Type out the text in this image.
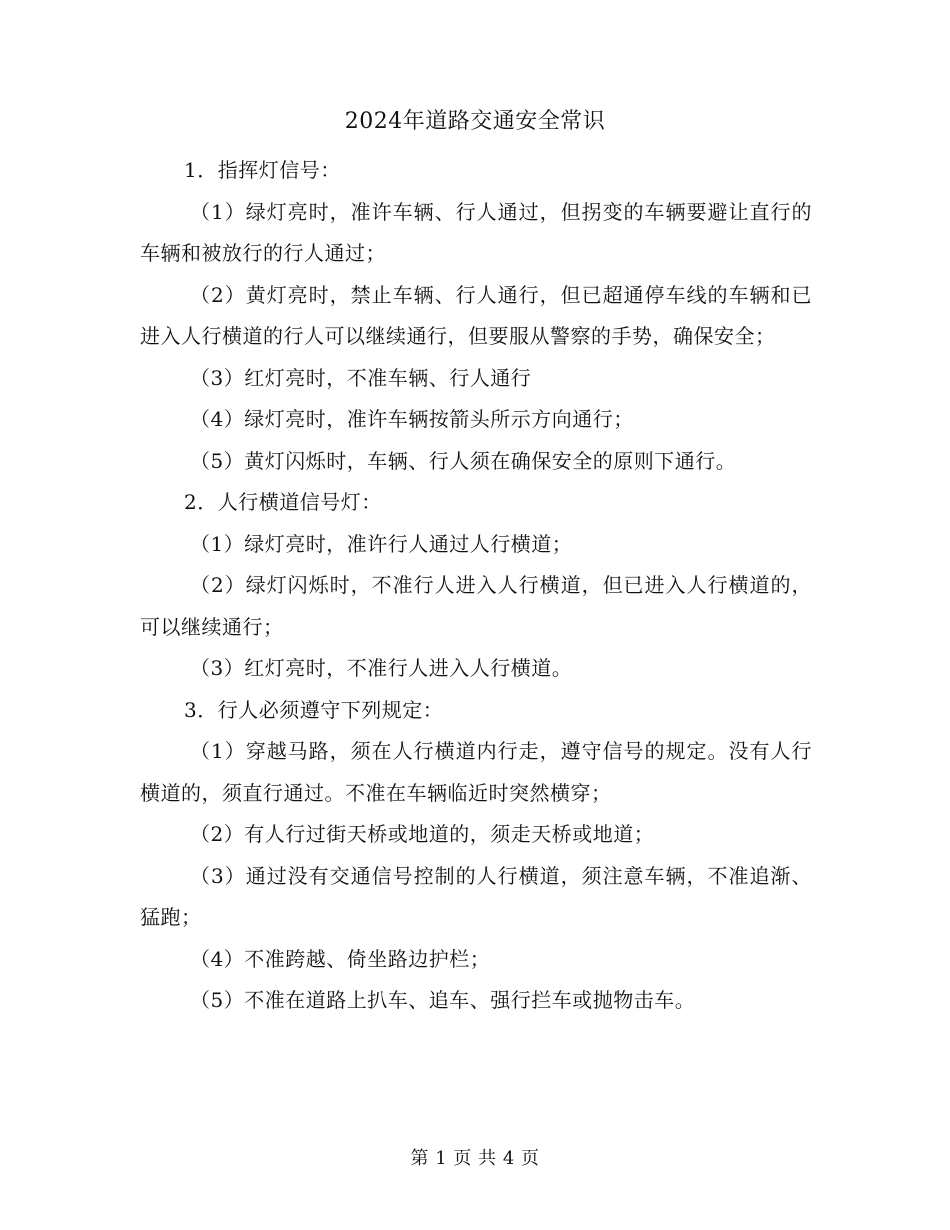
2024年道路交通安全常识

1．指挥灯信号：

（1）绿灯亮时，准许车辆、行人通过，但拐变的车辆要避让直行的车辆和被放行的行人通过；

（2）黄灯亮时，禁止车辆、行人通行，但已超通停车线的车辆和已进入人行横道的行人可以继续通行，但要服从警察的手势，确保安全；

（3）红灯亮时，不准车辆、行人通行

（4）绿灯亮时，准许车辆按箭头所示方向通行；

（5）黄灯闪烁时，车辆、行人须在确保安全的原则下通行。

2．人行横道信号灯：

（1）绿灯亮时，准许行人通过人行横道；

（2）绿灯闪烁时，不准行人进入人行横道，但已进入人行横道的，可以继续通行；

（3）红灯亮时，不准行人进入人行横道。

3．行人必须遵守下列规定：

（1）穿越马路，须在人行横道内行走，遵守信号的规定。没有人行横道的，须直行通过。不准在车辆临近时突然横穿；

（2）有人行过街天桥或地道的，须走天桥或地道；

（3）通过没有交通信号控制的人行横道，须注意车辆，不准追渐、猛跑；

（4）不准跨越、倚坐路边护栏；

（5）不准在道路上扒车、追车、强行拦车或抛物击车。

第 1 页 共 4 页
